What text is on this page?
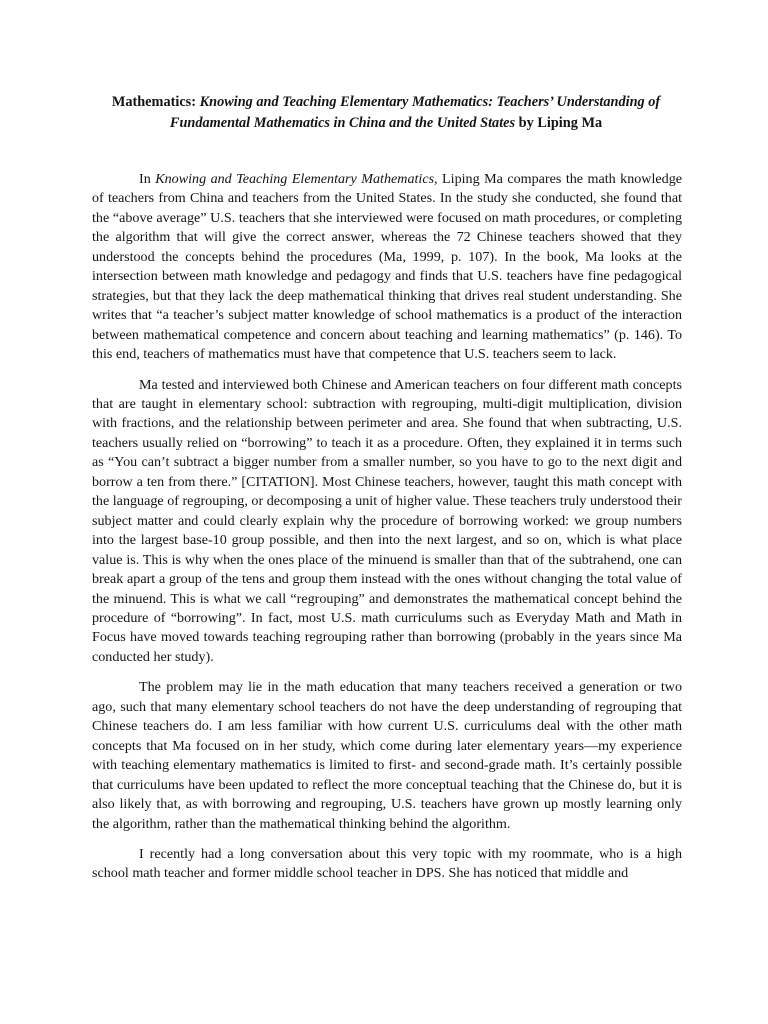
Mathematics: Knowing and Teaching Elementary Mathematics: Teachers’ Understanding of Fundamental Mathematics in China and the United States by Liping Ma

In Knowing and Teaching Elementary Mathematics, Liping Ma compares the math knowledge of teachers from China and teachers from the United States. In the study she conducted, she found that the “above average” U.S. teachers that she interviewed were focused on math procedures, or completing the algorithm that will give the correct answer, whereas the 72 Chinese teachers showed that they understood the concepts behind the procedures (Ma, 1999, p. 107). In the book, Ma looks at the intersection between math knowledge and pedagogy and finds that U.S. teachers have fine pedagogical strategies, but that they lack the deep mathematical thinking that drives real student understanding. She writes that “a teacher’s subject matter knowledge of school mathematics is a product of the interaction between mathematical competence and concern about teaching and learning mathematics” (p. 146). To this end, teachers of mathematics must have that competence that U.S. teachers seem to lack.

Ma tested and interviewed both Chinese and American teachers on four different math concepts that are taught in elementary school: subtraction with regrouping, multi-digit multiplication, division with fractions, and the relationship between perimeter and area. She found that when subtracting, U.S. teachers usually relied on “borrowing” to teach it as a procedure. Often, they explained it in terms such as “You can’t subtract a bigger number from a smaller number, so you have to go to the next digit and borrow a ten from there.” [CITATION]. Most Chinese teachers, however, taught this math concept with the language of regrouping, or decomposing a unit of higher value. These teachers truly understood their subject matter and could clearly explain why the procedure of borrowing worked: we group numbers into the largest base-10 group possible, and then into the next largest, and so on, which is what place value is. This is why when the ones place of the minuend is smaller than that of the subtrahend, one can break apart a group of the tens and group them instead with the ones without changing the total value of the minuend. This is what we call “regrouping” and demonstrates the mathematical concept behind the procedure of “borrowing”. In fact, most U.S. math curriculums such as Everyday Math and Math in Focus have moved towards teaching regrouping rather than borrowing (probably in the years since Ma conducted her study).

The problem may lie in the math education that many teachers received a generation or two ago, such that many elementary school teachers do not have the deep understanding of regrouping that Chinese teachers do. I am less familiar with how current U.S. curriculums deal with the other math concepts that Ma focused on in her study, which come during later elementary years—my experience with teaching elementary mathematics is limited to first- and second-grade math. It’s certainly possible that curriculums have been updated to reflect the more conceptual teaching that the Chinese do, but it is also likely that, as with borrowing and regrouping, U.S. teachers have grown up mostly learning only the algorithm, rather than the mathematical thinking behind the algorithm.

I recently had a long conversation about this very topic with my roommate, who is a high school math teacher and former middle school teacher in DPS. She has noticed that middle and
